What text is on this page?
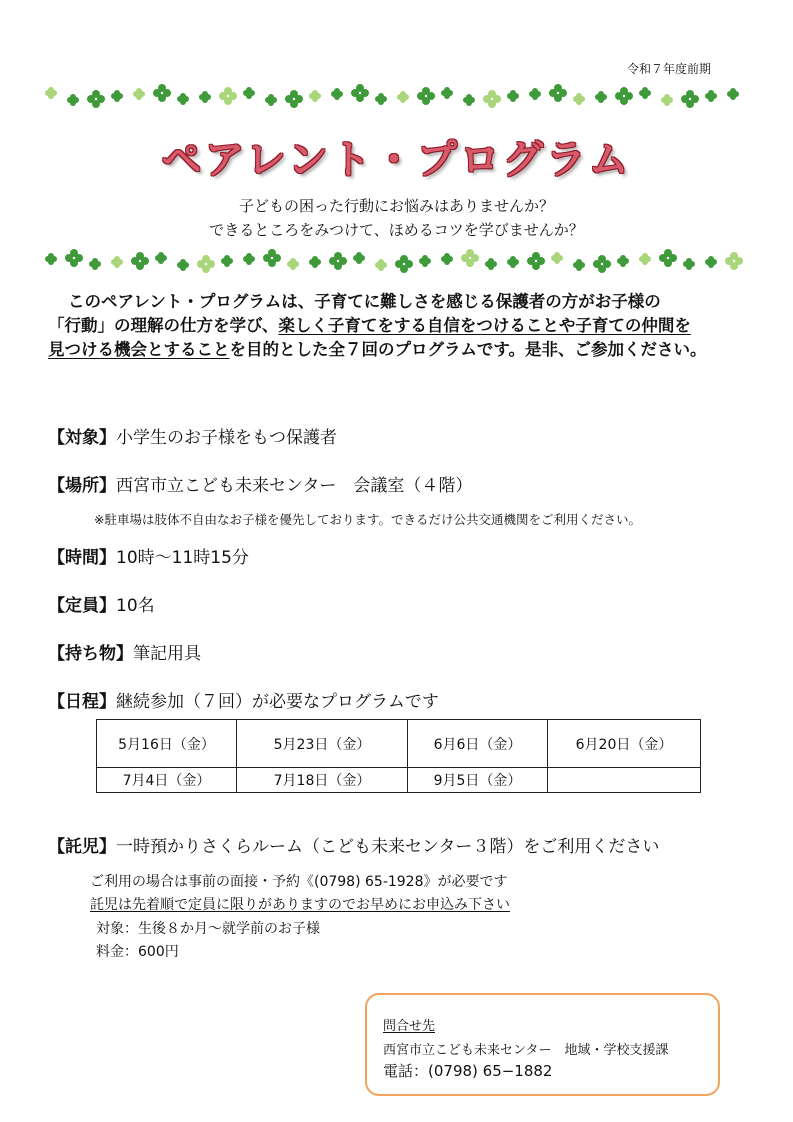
令和７年度前期
ペアレント・プログラム
子どもの困った行動にお悩みはありませんか？
できるところをみつけて、ほめるコツを学びませんか？
このペアレント・プログラムは、子育てに難しさを感じる保護者の方がお子様の
「行動」の理解の仕方を学び、楽しく子育てをする自信をつけることや子育ての仲間を
見つける機会とすることを目的とした全７回のプログラムです。是非、ご参加ください。
【対象】小学生のお子様をもつ保護者
【場所】西宮市立こども未来センター　会議室（４階）
※駐車場は肢体不自由なお子様を優先しております。できるだけ公共交通機関をご利用ください。
【時間】10時〜11時15分
【定員】10名
【持ち物】筆記用具
【日程】継続参加（７回）が必要なプログラムです
5月16日（金）	5月23日（金）	6月6日（金）	6月20日（金）
7月4日（金）	7月18日（金）	9月5日（金）	
【託児】一時預かりさくらルーム（こども未来センター３階）をご利用ください
ご利用の場合は事前の面接・予約《(0798) 65-1928》が必要です
託児は先着順で定員に限りがありますのでお早めにお申込み下さい
対象：生後８か月〜就学前のお子様
料金：600円
問合せ先
西宮市立こども未来センター　地域・学校支援課
電話：(0798) 65−1882
